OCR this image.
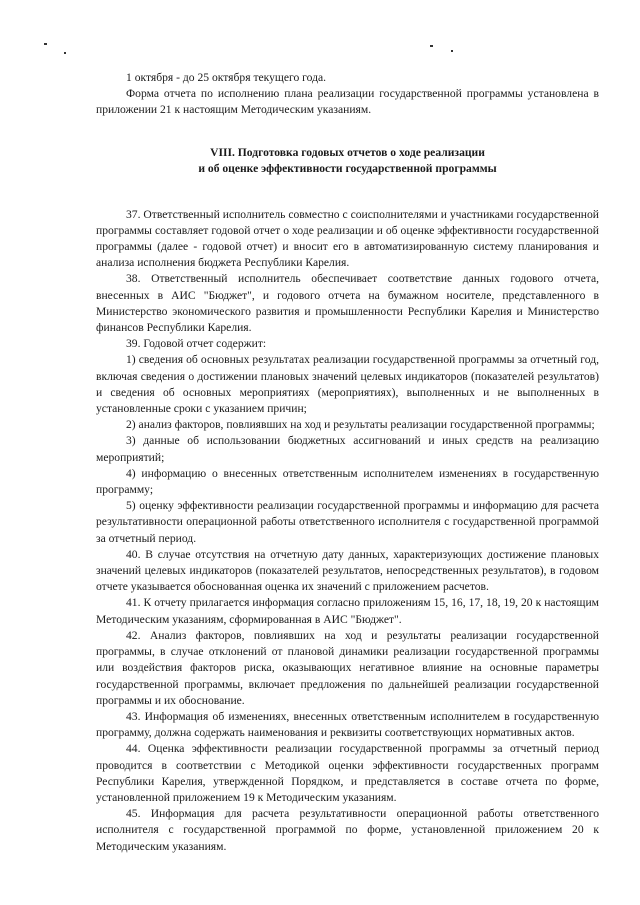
1 октября - до 25 октября текущего года.

Форма отчета по исполнению плана реализации государственной программы установлена в приложении 21 к настоящим Методическим указаниям.

VIII. Подготовка годовых отчетов о ходе реализации
и об оценке эффективности государственной программы

37. Ответственный исполнитель совместно с соисполнителями и участниками государственной программы составляет годовой отчет о ходе реализации и об оценке эффективности государственной программы (далее - годовой отчет) и вносит его в автоматизированную систему планирования и анализа исполнения бюджета Республики Карелия.

38. Ответственный исполнитель обеспечивает соответствие данных годового отчета, внесенных в АИС "Бюджет", и годового отчета на бумажном носителе, представленного в Министерство экономического развития и промышленности Республики Карелия и Министерство финансов Республики Карелия.

39. Годовой отчет содержит:

1) сведения об основных результатах реализации государственной программы за отчетный год, включая сведения о достижении плановых значений целевых индикаторов (показателей результатов) и сведения об основных мероприятиях (мероприятиях), выполненных и не выполненных в установленные сроки с указанием причин;

2) анализ факторов, повлиявших на ход и результаты реализации государственной программы;

3) данные об использовании бюджетных ассигнований и иных средств на реализацию мероприятий;

4) информацию о внесенных ответственным исполнителем изменениях в государственную программу;

5) оценку эффективности реализации государственной программы и информацию для расчета результативности операционной работы ответственного исполнителя с государственной программой за отчетный период.

40. В случае отсутствия на отчетную дату данных, характеризующих достижение плановых значений целевых индикаторов (показателей результатов, непосредственных результатов), в годовом отчете указывается обоснованная оценка их значений с приложением расчетов.

41. К отчету прилагается информация согласно приложениям 15, 16, 17, 18, 19, 20 к настоящим Методическим указаниям, сформированная в АИС "Бюджет".

42. Анализ факторов, повлиявших на ход и результаты реализации государственной программы, в случае отклонений от плановой динамики реализации государственной программы или воздействия факторов риска, оказывающих негативное влияние на основные параметры государственной программы, включает предложения по дальнейшей реализации государственной программы и их обоснование.

43. Информация об изменениях, внесенных ответственным исполнителем в государственную программу, должна содержать наименования и реквизиты соответствующих нормативных актов.

44. Оценка эффективности реализации государственной программы за отчетный период проводится в соответствии с Методикой оценки эффективности государственных программ Республики Карелия, утвержденной Порядком, и представляется в составе отчета по форме, установленной приложением 19 к Методическим указаниям.

45. Информация для расчета результативности операционной работы ответственного исполнителя с государственной программой по форме, установленной приложением 20 к Методическим указаниям.
